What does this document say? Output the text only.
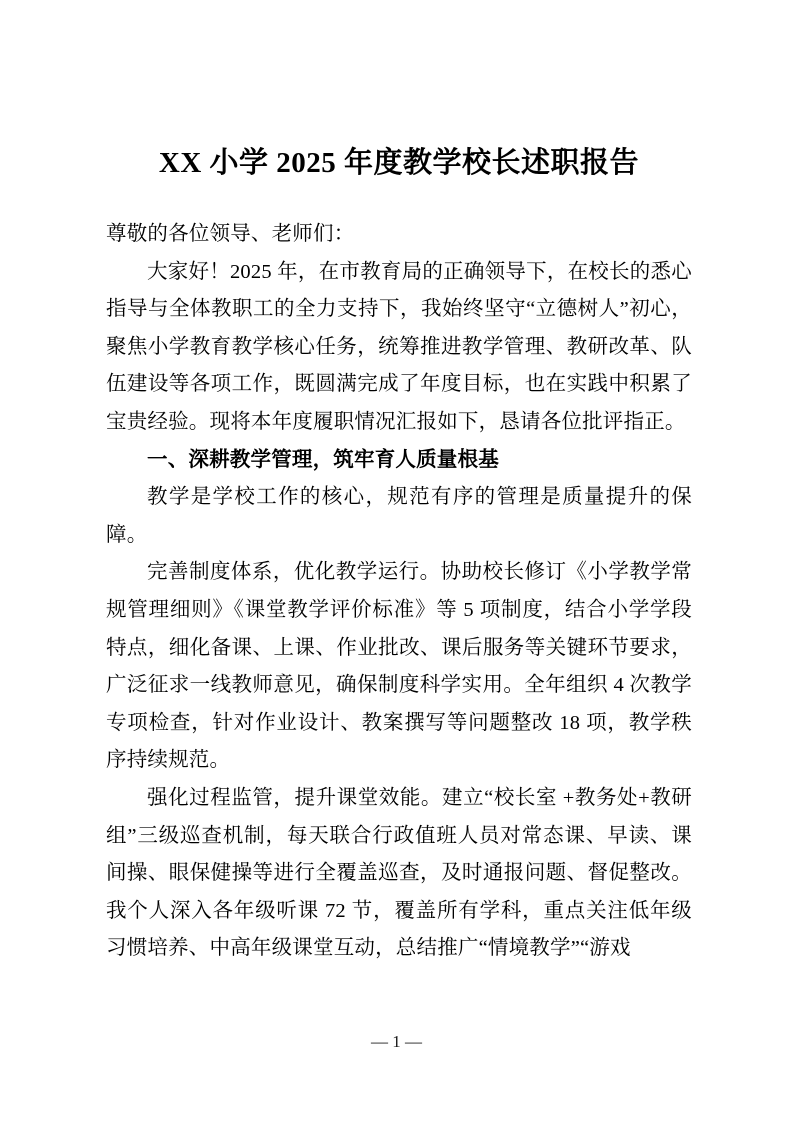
XX 小学 2025 年度教学校长述职报告

尊敬的各位领导、老师们：

大家好！2025 年，在市教育局的正确领导下，在校长的悉心指导与全体教职工的全力支持下，我始终坚守“立德树人”初心，聚焦小学教育教学核心任务，统筹推进教学管理、教研改革、队伍建设等各项工作，既圆满完成了年度目标，也在实践中积累了宝贵经验。现将本年度履职情况汇报如下，恳请各位批评指正。

一、深耕教学管理，筑牢育人质量根基

教学是学校工作的核心，规范有序的管理是质量提升的保障。

完善制度体系，优化教学运行。协助校长修订《小学教学常规管理细则》《课堂教学评价标准》等 5 项制度，结合小学学段特点，细化备课、上课、作业批改、课后服务等关键环节要求，广泛征求一线教师意见，确保制度科学实用。全年组织 4 次教学专项检查，针对作业设计、教案撰写等问题整改 18 项，教学秩序持续规范。

强化过程监管，提升课堂效能。建立“校长室 +教务处+教研组”三级巡查机制，每天联合行政值班人员对常态课、早读、课间操、眼保健操等进行全覆盖巡查，及时通报问题、督促整改。我个人深入各年级听课 72 节，覆盖所有学科，重点关注低年级习惯培养、中高年级课堂互动，总结推广“情境教学”“游戏

— 1 —
